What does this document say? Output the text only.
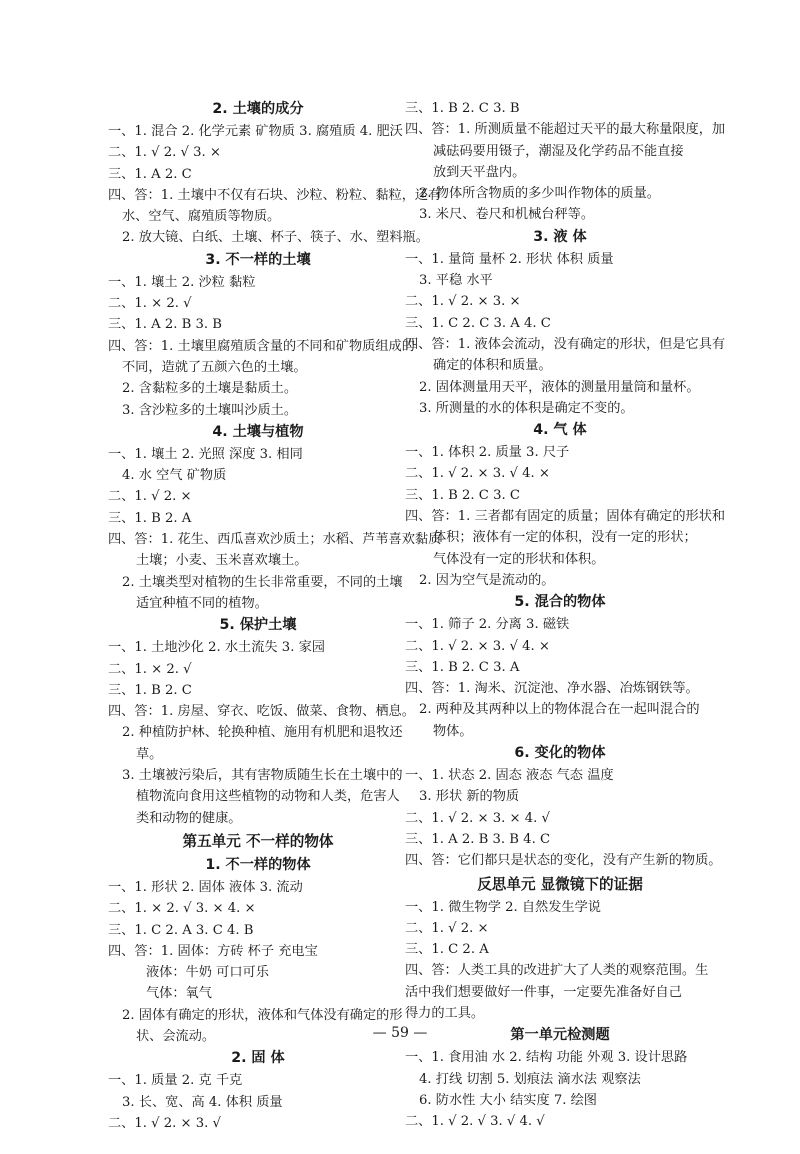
2. 土壤的成分
一、1. 混合 2. 化学元素 矿物质 3. 腐殖质 4. 肥沃
二、1. √ 2. √ 3. ×
三、1. A 2. C
四、答：1. 土壤中不仅有石块、沙粒、粉粒、黏粒，还有
水、空气、腐殖质等物质。
2. 放大镜、白纸、土壤、杯子、筷子、水、塑料瓶。
3. 不一样的土壤
一、1. 壤土 2. 沙粒 黏粒
二、1. × 2. √
三、1. A 2. B 3. B
四、答：1. 土壤里腐殖质含量的不同和矿物质组成的
不同，造就了五颜六色的土壤。
2. 含黏粒多的土壤是黏质土。
3. 含沙粒多的土壤叫沙质土。
4. 土壤与植物
一、1. 壤土 2. 光照 深度 3. 相同
4. 水 空气 矿物质
二、1. √ 2. ×
三、1. B 2. A
四、答：1. 花生、西瓜喜欢沙质土；水稻、芦苇喜欢黏质
土壤；小麦、玉米喜欢壤土。
2. 土壤类型对植物的生长非常重要，不同的土壤
适宜种植不同的植物。
5. 保护土壤
一、1. 土地沙化 2. 水土流失 3. 家园
二、1. × 2. √
三、1. B 2. C
四、答：1. 房屋、穿衣、吃饭、做菜、食物、栖息。
2. 种植防护林、轮换种植、施用有机肥和退牧还
草。
3. 土壤被污染后，其有害物质随生长在土壤中的
植物流向食用这些植物的动物和人类，危害人
类和动物的健康。
第五单元 不一样的物体
1. 不一样的物体
一、1. 形状 2. 固体 液体 3. 流动
二、1. × 2. √ 3. × 4. ×
三、1. C 2. A 3. C 4. B
四、答：1. 固体：方砖 杯子 充电宝
液体：牛奶 可口可乐
气体：氧气
2. 固体有确定的形状，液体和气体没有确定的形
状、会流动。
2. 固 体
一、1. 质量 2. 克 千克
3. 长、宽、高 4. 体积 质量
二、1. √ 2. × 3. √
三、1. B 2. C 3. B
四、答：1. 所测质量不能超过天平的最大称量限度，加
减砝码要用镊子，潮湿及化学药品不能直接
放到天平盘内。
2. 物体所含物质的多少叫作物体的质量。
3. 米尺、卷尺和机械台秤等。
3. 液 体
一、1. 量筒 量杯 2. 形状 体积 质量
3. 平稳 水平
二、1. √ 2. × 3. ×
三、1. C 2. C 3. A 4. C
四、答：1. 液体会流动，没有确定的形状，但是它具有
确定的体积和质量。
2. 固体测量用天平，液体的测量用量筒和量杯。
3. 所测量的水的体积是确定不变的。
4. 气 体
一、1. 体积 2. 质量 3. 尺子
二、1. √ 2. × 3. √ 4. ×
三、1. B 2. C 3. C
四、答：1. 三者都有固定的质量；固体有确定的形状和
体积；液体有一定的体积，没有一定的形状；
气体没有一定的形状和体积。
2. 因为空气是流动的。
5. 混合的物体
一、1. 筛子 2. 分离 3. 磁铁
二、1. √ 2. × 3. √ 4. ×
三、1. B 2. C 3. A
四、答：1. 淘米、沉淀池、净水器、冶炼钢铁等。
2. 两种及其两种以上的物体混合在一起叫混合的
物体。
6. 变化的物体
一、1. 状态 2. 固态 液态 气态 温度
3. 形状 新的物质
二、1. √ 2. × 3. × 4. √
三、1. A 2. B 3. B 4. C
四、答：它们都只是状态的变化，没有产生新的物质。
反思单元 显微镜下的证据
一、1. 微生物学 2. 自然发生学说
二、1. √ 2. ×
三、1. C 2. A
四、答：人类工具的改进扩大了人类的观察范围。生
活中我们想要做好一件事，一定要先准备好自己
得力的工具。
第一单元检测题
一、1. 食用油 水 2. 结构 功能 外观 3. 设计思路
4. 打线 切割 5. 划痕法 滴水法 观察法
6. 防水性 大小 结实度 7. 绘图
二、1. √ 2. √ 3. √ 4. √
— 59 —
